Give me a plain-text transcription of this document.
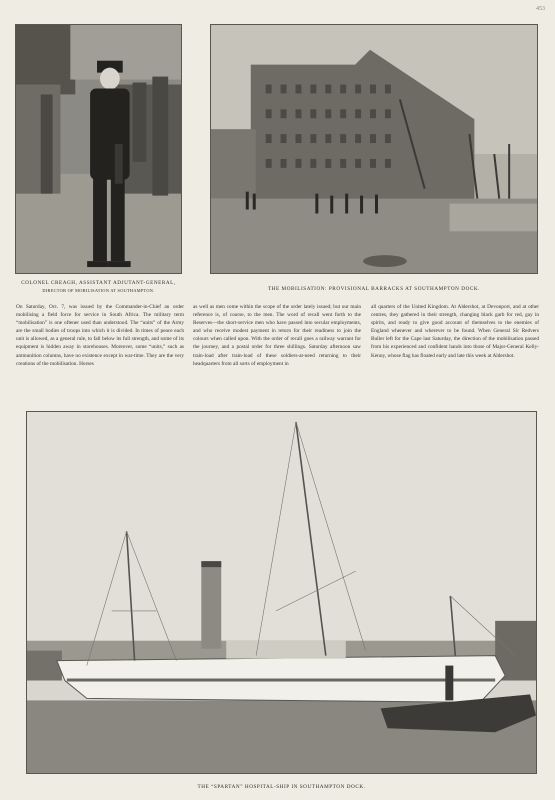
453
COLONEL CREAGH, ASSISTANT ADJUTANT-GENERAL,
DIRECTOR OF MOBILISATION AT SOUTHAMPTON.	THE MOBILISATION: PROVISIONAL BARRACKS AT SOUTHAMPTON DOCK.
On Saturday, Oct. 7, was issued by the Commander-in-Chief an order mobilising a field force for service in South Africa. The military term “mobilisation” is one oftener used than understood. The “units” of the Army are the small bodies of troops into which it is divided. In times of peace each unit is allowed, as a general rule, to fall below its full strength, and some of its equipment is hidden away in storehouses. Moreover, some “units,” such as ammunition columns, have no existence except in war-time. They are the very creations of the mobilisation. Horses
as well as men come within the scope of the order lately issued; but our main reference is, of course, to the men. The word of recall went forth to the Reserves—the short-service men who have passed into secular employments, and who receive modest payment in return for their readiness to join the colours when called upon. With the order of recall goes a railway warrant for the journey, and a postal order for three shillings. Saturday afternoon saw train-load after train-load of these soldiers-at-need returning to their headquarters from all sorts of employment in
all quarters of the United Kingdom. At Aldershot, at Devonport, and at other centres, they gathered in their strength, changing black garb for red, gay in spirits, and ready to give good account of themselves to the enemies of England whenever and wherever to be found. When General Sir Redvers Buller left for the Cape last Saturday, the direction of the mobilisation passed from his experienced and confident hands into those of Major-General Kelly-Kenny, whose flag has floated early and late this week at Aldershot.
THE “SPARTAN” HOSPITAL-SHIP IN SOUTHAMPTON DOCK.
